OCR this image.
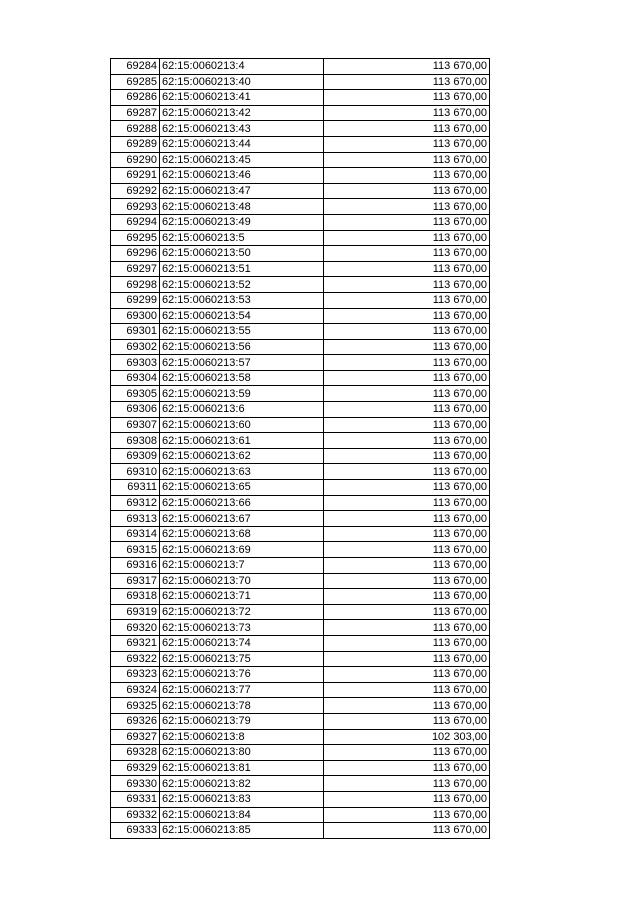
69284	62:15:0060213:4	113 670,00
69285	62:15:0060213:40	113 670,00
69286	62:15:0060213:41	113 670,00
69287	62:15:0060213:42	113 670,00
69288	62:15:0060213:43	113 670,00
69289	62:15:0060213:44	113 670,00
69290	62:15:0060213:45	113 670,00
69291	62:15:0060213:46	113 670,00
69292	62:15:0060213:47	113 670,00
69293	62:15:0060213:48	113 670,00
69294	62:15:0060213:49	113 670,00
69295	62:15:0060213:5	113 670,00
69296	62:15:0060213:50	113 670,00
69297	62:15:0060213:51	113 670,00
69298	62:15:0060213:52	113 670,00
69299	62:15:0060213:53	113 670,00
69300	62:15:0060213:54	113 670,00
69301	62:15:0060213:55	113 670,00
69302	62:15:0060213:56	113 670,00
69303	62:15:0060213:57	113 670,00
69304	62:15:0060213:58	113 670,00
69305	62:15:0060213:59	113 670,00
69306	62:15:0060213:6	113 670,00
69307	62:15:0060213:60	113 670,00
69308	62:15:0060213:61	113 670,00
69309	62:15:0060213:62	113 670,00
69310	62:15:0060213:63	113 670,00
69311	62:15:0060213:65	113 670,00
69312	62:15:0060213:66	113 670,00
69313	62:15:0060213:67	113 670,00
69314	62:15:0060213:68	113 670,00
69315	62:15:0060213:69	113 670,00
69316	62:15:0060213:7	113 670,00
69317	62:15:0060213:70	113 670,00
69318	62:15:0060213:71	113 670,00
69319	62:15:0060213:72	113 670,00
69320	62:15:0060213:73	113 670,00
69321	62:15:0060213:74	113 670,00
69322	62:15:0060213:75	113 670,00
69323	62:15:0060213:76	113 670,00
69324	62:15:0060213:77	113 670,00
69325	62:15:0060213:78	113 670,00
69326	62:15:0060213:79	113 670,00
69327	62:15:0060213:8	102 303,00
69328	62:15:0060213:80	113 670,00
69329	62:15:0060213:81	113 670,00
69330	62:15:0060213:82	113 670,00
69331	62:15:0060213:83	113 670,00
69332	62:15:0060213:84	113 670,00
69333	62:15:0060213:85	113 670,00
